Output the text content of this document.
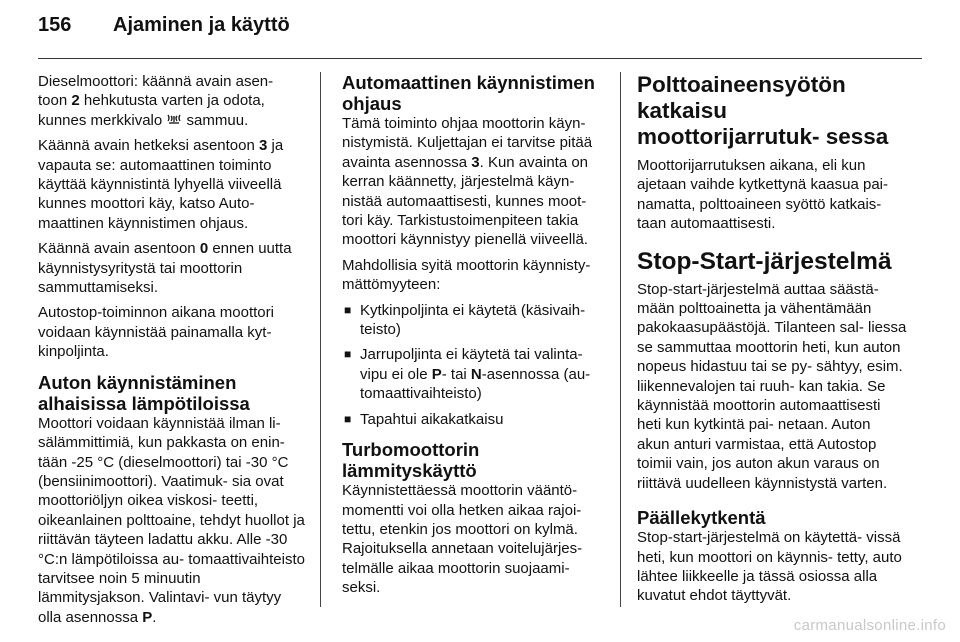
156	Ajaminen ja käyttö

Dieselmoottori: käännä avain asen- toon 2 hehkutusta varten ja odota, kunnes merkkivalo  sammuu.

Käännä avain hetkeksi asentoon 3 ja vapauta se: automaattinen toiminto käyttää käynnistintä lyhyellä viiveellä kunnes moottori käy, katso Auto- maattinen käynnistimen ohjaus.

Käännä avain asentoon 0 ennen uutta käynnistysyritystä tai moottorin sammuttamiseksi.

Autostop-toiminnon aikana moottori voidaan käynnistää painamalla kyt- kinpoljinta.

Auton käynnistäminen alhaisissa lämpötiloissa

Moottori voidaan käynnistää ilman li- sälämmittimiä, kun pakkasta on enin- tään -25 °C (dieselmoottori) tai -30 °C (bensiinimoottori). Vaatimuk- sia ovat moottoriöljyn oikea viskosi- teetti, oikeanlainen polttoaine, tehdyt huollot ja riittävän täyteen ladattu akku. Alle -30 °C:n lämpötiloissa au- tomaattivaihteisto tarvitsee noin 5 minuutin lämmitysjakson. Valintavi- vun täytyy olla asennossa P.

Automaattinen käynnistimen ohjaus

Tämä toiminto ohjaa moottorin käyn- nistymistä. Kuljettajan ei tarvitse pitää avainta asennossa 3. Kun avainta on kerran käännetty, järjestelmä käyn- nistää automaattisesti, kunnes moot- tori käy. Tarkistustoimenpiteen takia moottori käynnistyy pienellä viiveellä.

Mahdollisia syitä moottorin käynnisty- mättömyyteen:

■ Kytkinpoljinta ei käytetä (käsivaih- teisto)
■ Jarrupoljinta ei käytetä tai valinta- vipu ei ole P- tai N-asennossa (au- tomaattivaihteisto)
■ Tapahtui aikakatkaisu
Turbomoottorin lämmityskäyttö

Käynnistettäessä moottorin vääntö- momentti voi olla hetken aikaa rajoi- tettu, etenkin jos moottori on kylmä. Rajoituksella annetaan voitelujärjes- telmälle aikaa moottorin suojaami- seksi.

Polttoaineensyötön katkaisu moottorijarrutuk- sessa

Moottorijarrutuksen aikana, eli kun ajetaan vaihde kytkettynä kaasua pai- namatta, polttoaineen syöttö katkais- taan automaattisesti.

Stop-Start-järjestelmä

Stop-start-järjestelmä auttaa säästä- mään polttoainetta ja vähentämään pakokaasupäästöjä. Tilanteen sal- liessa se sammuttaa moottorin heti, kun auton nopeus hidastuu tai se py- sähtyy, esim. liikennevalojen tai ruuh- kan takia. Se käynnistää moottorin automaattisesti heti kun kytkintä pai- netaan. Auton akun anturi varmistaa, että Autostop toimii vain, jos auton akun varaus on riittävä uudelleen käynnistystä varten.

Päällekytkentä

Stop-start-järjestelmä on käytettä- vissä heti, kun moottori on käynnis- tetty, auto lähtee liikkeelle ja tässä osiossa alla kuvatut ehdot täyttyvät.

carmanualsonline.info
